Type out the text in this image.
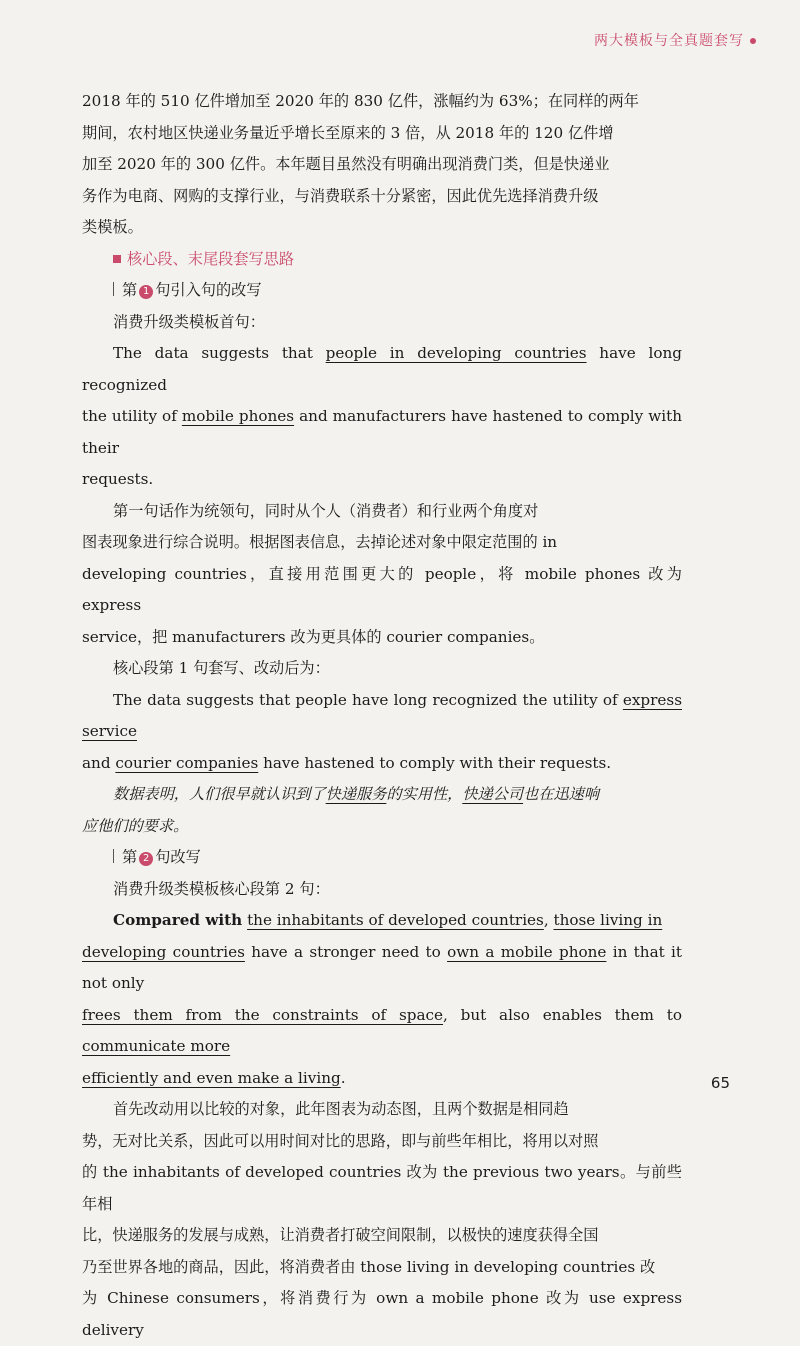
两大模板与全真题套写

2018 年的 510 亿件增加至 2020 年的 830 亿件，涨幅约为 63%；在同样的两年
期间，农村地区快递业务量近乎增长至原来的 3 倍，从 2018 年的 120 亿件增
加至 2020 年的 300 亿件。本年题目虽然没有明确出现消费门类，但是快递业
务作为电商、网购的支撑行业，与消费联系十分紧密，因此优先选择消费升级
类模板。

核心段、末尾段套写思路
第 1 句引入句的改写

消费升级类模板首句：

The data suggests that people in developing countries have long recognized
the utility of mobile phones and manufacturers have hastened to comply with their
requests.

第一句话作为统领句，同时从个人（消费者）和行业两个角度对
图表现象进行综合说明。根据图表信息，去掉论述对象中限定范围的 in
developing countries，直接用范围更大的 people，将 mobile phones 改为 express
service，把 manufacturers 改为更具体的 courier companies。

核心段第 1 句套写、改动后为：

The data suggests that people have long recognized the utility of express service
and courier companies have hastened to comply with their requests.

数据表明，人们很早就认识到了快递服务的实用性，快递公司也在迅速响
应他们的要求。

第 2 句改写

消费升级类模板核心段第 2 句：

Compared with the inhabitants of developed countries, those living in
developing countries have a stronger need to own a mobile phone in that it not only
frees them from the constraints of space, but also enables them to communicate more
efficiently and even make a living.

首先改动用以比较的对象，此年图表为动态图，且两个数据是相同趋
势，无对比关系，因此可以用时间对比的思路，即与前些年相比，将用以对照
的 the inhabitants of developed countries 改为 the previous two years。与前些年相
比，快递服务的发展与成熟，让消费者打破空间限制，以极快的速度获得全国
乃至世界各地的商品，因此，将消费者由 those living in developing countries 改
为 Chinese consumers，将消费行为 own a mobile phone 改为 use express delivery

65
